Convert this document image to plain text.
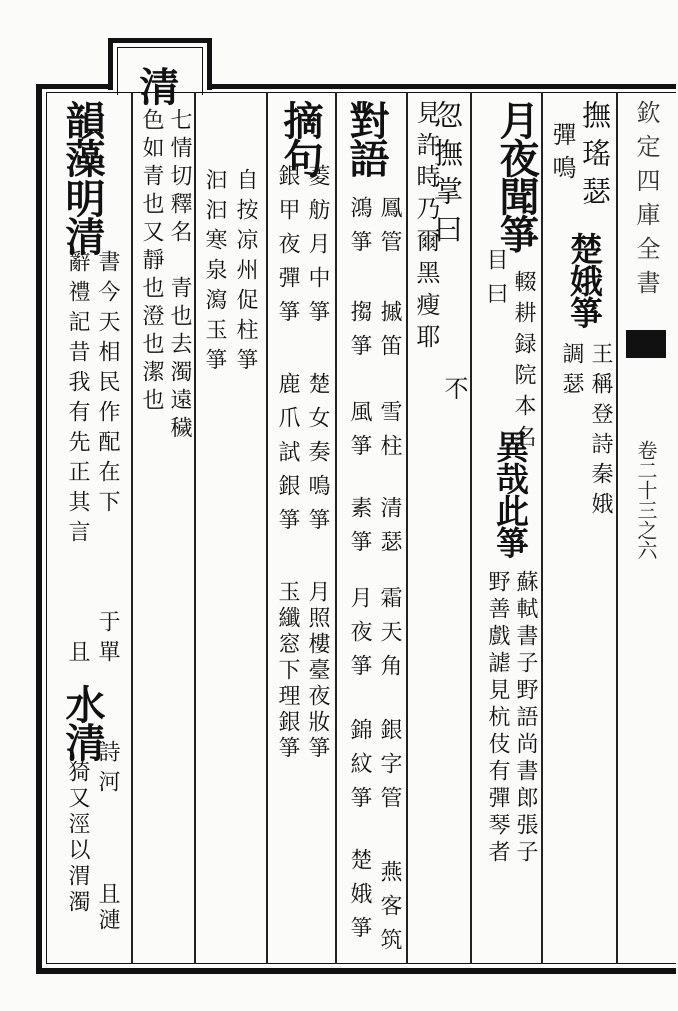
欽定四庫全書
卷二十三之六
撫瑤瑟
彈鳴
楚娥箏
王稱登詩秦娥
調瑟
月夜聞箏
輟耕録院本名
目曰
異哉此箏
蘇軾書子野語尚書郎張子
野善戲謔見杭伎有彈琴者
忽撫掌曰
不
見許時乃爾黑瘦耶
對語
鳳管
摵笛
雪柱
清瑟
霜天角
銀字管
燕客筑
鴻箏
搊箏
風箏
素箏
月夜箏
錦紋箏
楚娥箏
摘句
菱舫月中箏
楚女奏鳴箏
月照樓臺夜妝箏
銀甲夜彈箏
鹿爪試銀箏
玉纖窓下理銀箏
自按凉州促柱箏
汩汩寒泉瀉玉箏
清
七情切釋名
青也去濁遠穢
色如青也又靜也澄也潔也
韻藻
明清
書今天相民作配在下
于單
辭禮記昔我有先正其言
且
水清
詩河
且漣
猗又涇以渭濁
